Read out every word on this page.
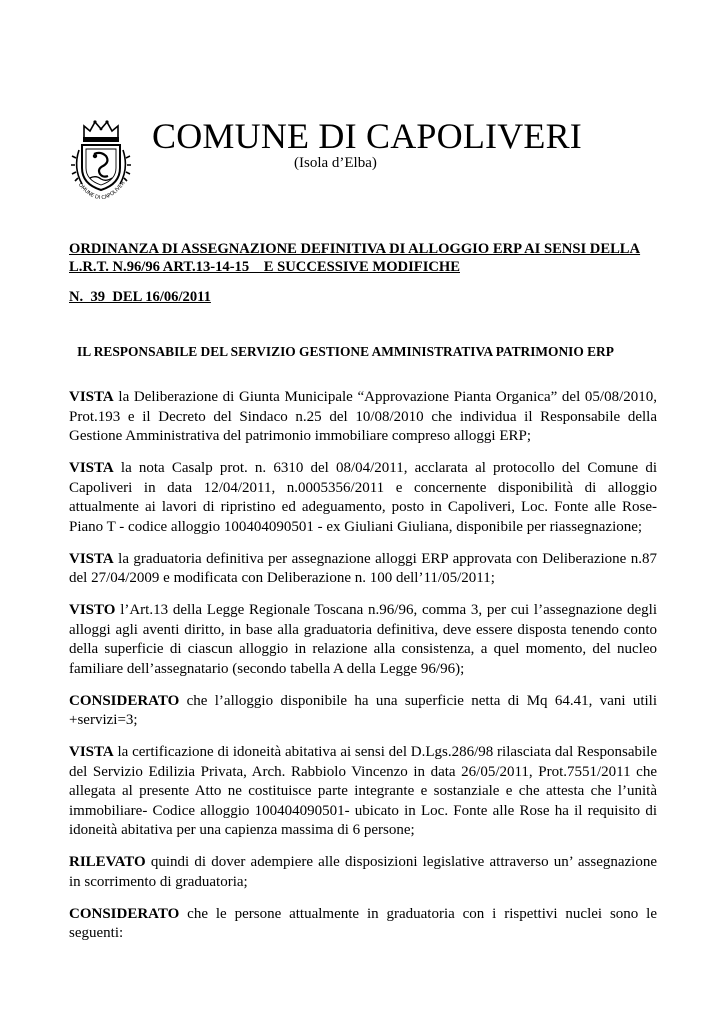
OMUNE DI CAPOLIVER
COMUNE DI CAPOLIVERI
(Isola d’Elba)
ORDINANZA DI ASSEGNAZIONE DEFINITIVA DI ALLOGGIO ERP AI SENSI DELLA
L.R.T. N.96/96 ART.13-14-15    E SUCCESSIVE MODIFICHE
N.  39  DEL 16/06/2011
IL RESPONSABILE DEL SERVIZIO GESTIONE AMMINISTRATIVA PATRIMONIO ERP

VISTA la Deliberazione di Giunta Municipale “Approvazione Pianta Organica” del 05/08/2010, Prot.193 e il Decreto del Sindaco n.25 del 10/08/2010 che individua il Responsabile della Gestione Amministrativa del patrimonio immobiliare compreso alloggi ERP;

VISTA la nota Casalp prot. n. 6310 del 08/04/2011, acclarata al protocollo del Comune di Capoliveri in data 12/04/2011, n.0005356/2011 e concernente disponibilità di alloggio attualmente ai lavori di ripristino ed adeguamento, posto in Capoliveri, Loc. Fonte alle Rose- Piano T - codice alloggio 100404090501 - ex Giuliani Giuliana, disponibile per riassegnazione;

VISTA la graduatoria definitiva per assegnazione alloggi ERP approvata con Deliberazione n.87 del 27/04/2009 e modificata con Deliberazione n. 100 dell’11/05/2011;

VISTO l’Art.13 della Legge Regionale Toscana n.96/96, comma 3, per cui l’assegnazione degli alloggi agli aventi diritto, in base alla graduatoria definitiva, deve essere disposta tenendo conto della superficie di ciascun alloggio in relazione alla consistenza, a quel momento, del nucleo familiare dell’assegnatario (secondo tabella A della Legge 96/96);

CONSIDERATO che l’alloggio disponibile ha una superficie netta di Mq 64.41, vani utili +servizi=3;

VISTA la certificazione di idoneità abitativa ai sensi del D.Lgs.286/98 rilasciata dal Responsabile del Servizio Edilizia Privata, Arch. Rabbiolo Vincenzo in data 26/05/2011, Prot.7551/2011 che allegata al presente Atto ne costituisce parte integrante e sostanziale e che attesta che l’unità immobiliare- Codice alloggio 100404090501- ubicato in Loc. Fonte alle Rose ha il requisito di idoneità abitativa per una capienza massima di 6 persone;

RILEVATO quindi di dover adempiere alle disposizioni legislative attraverso un’ assegnazione in scorrimento di graduatoria;

CONSIDERATO che le persone attualmente in graduatoria con i rispettivi nuclei sono le seguenti:
